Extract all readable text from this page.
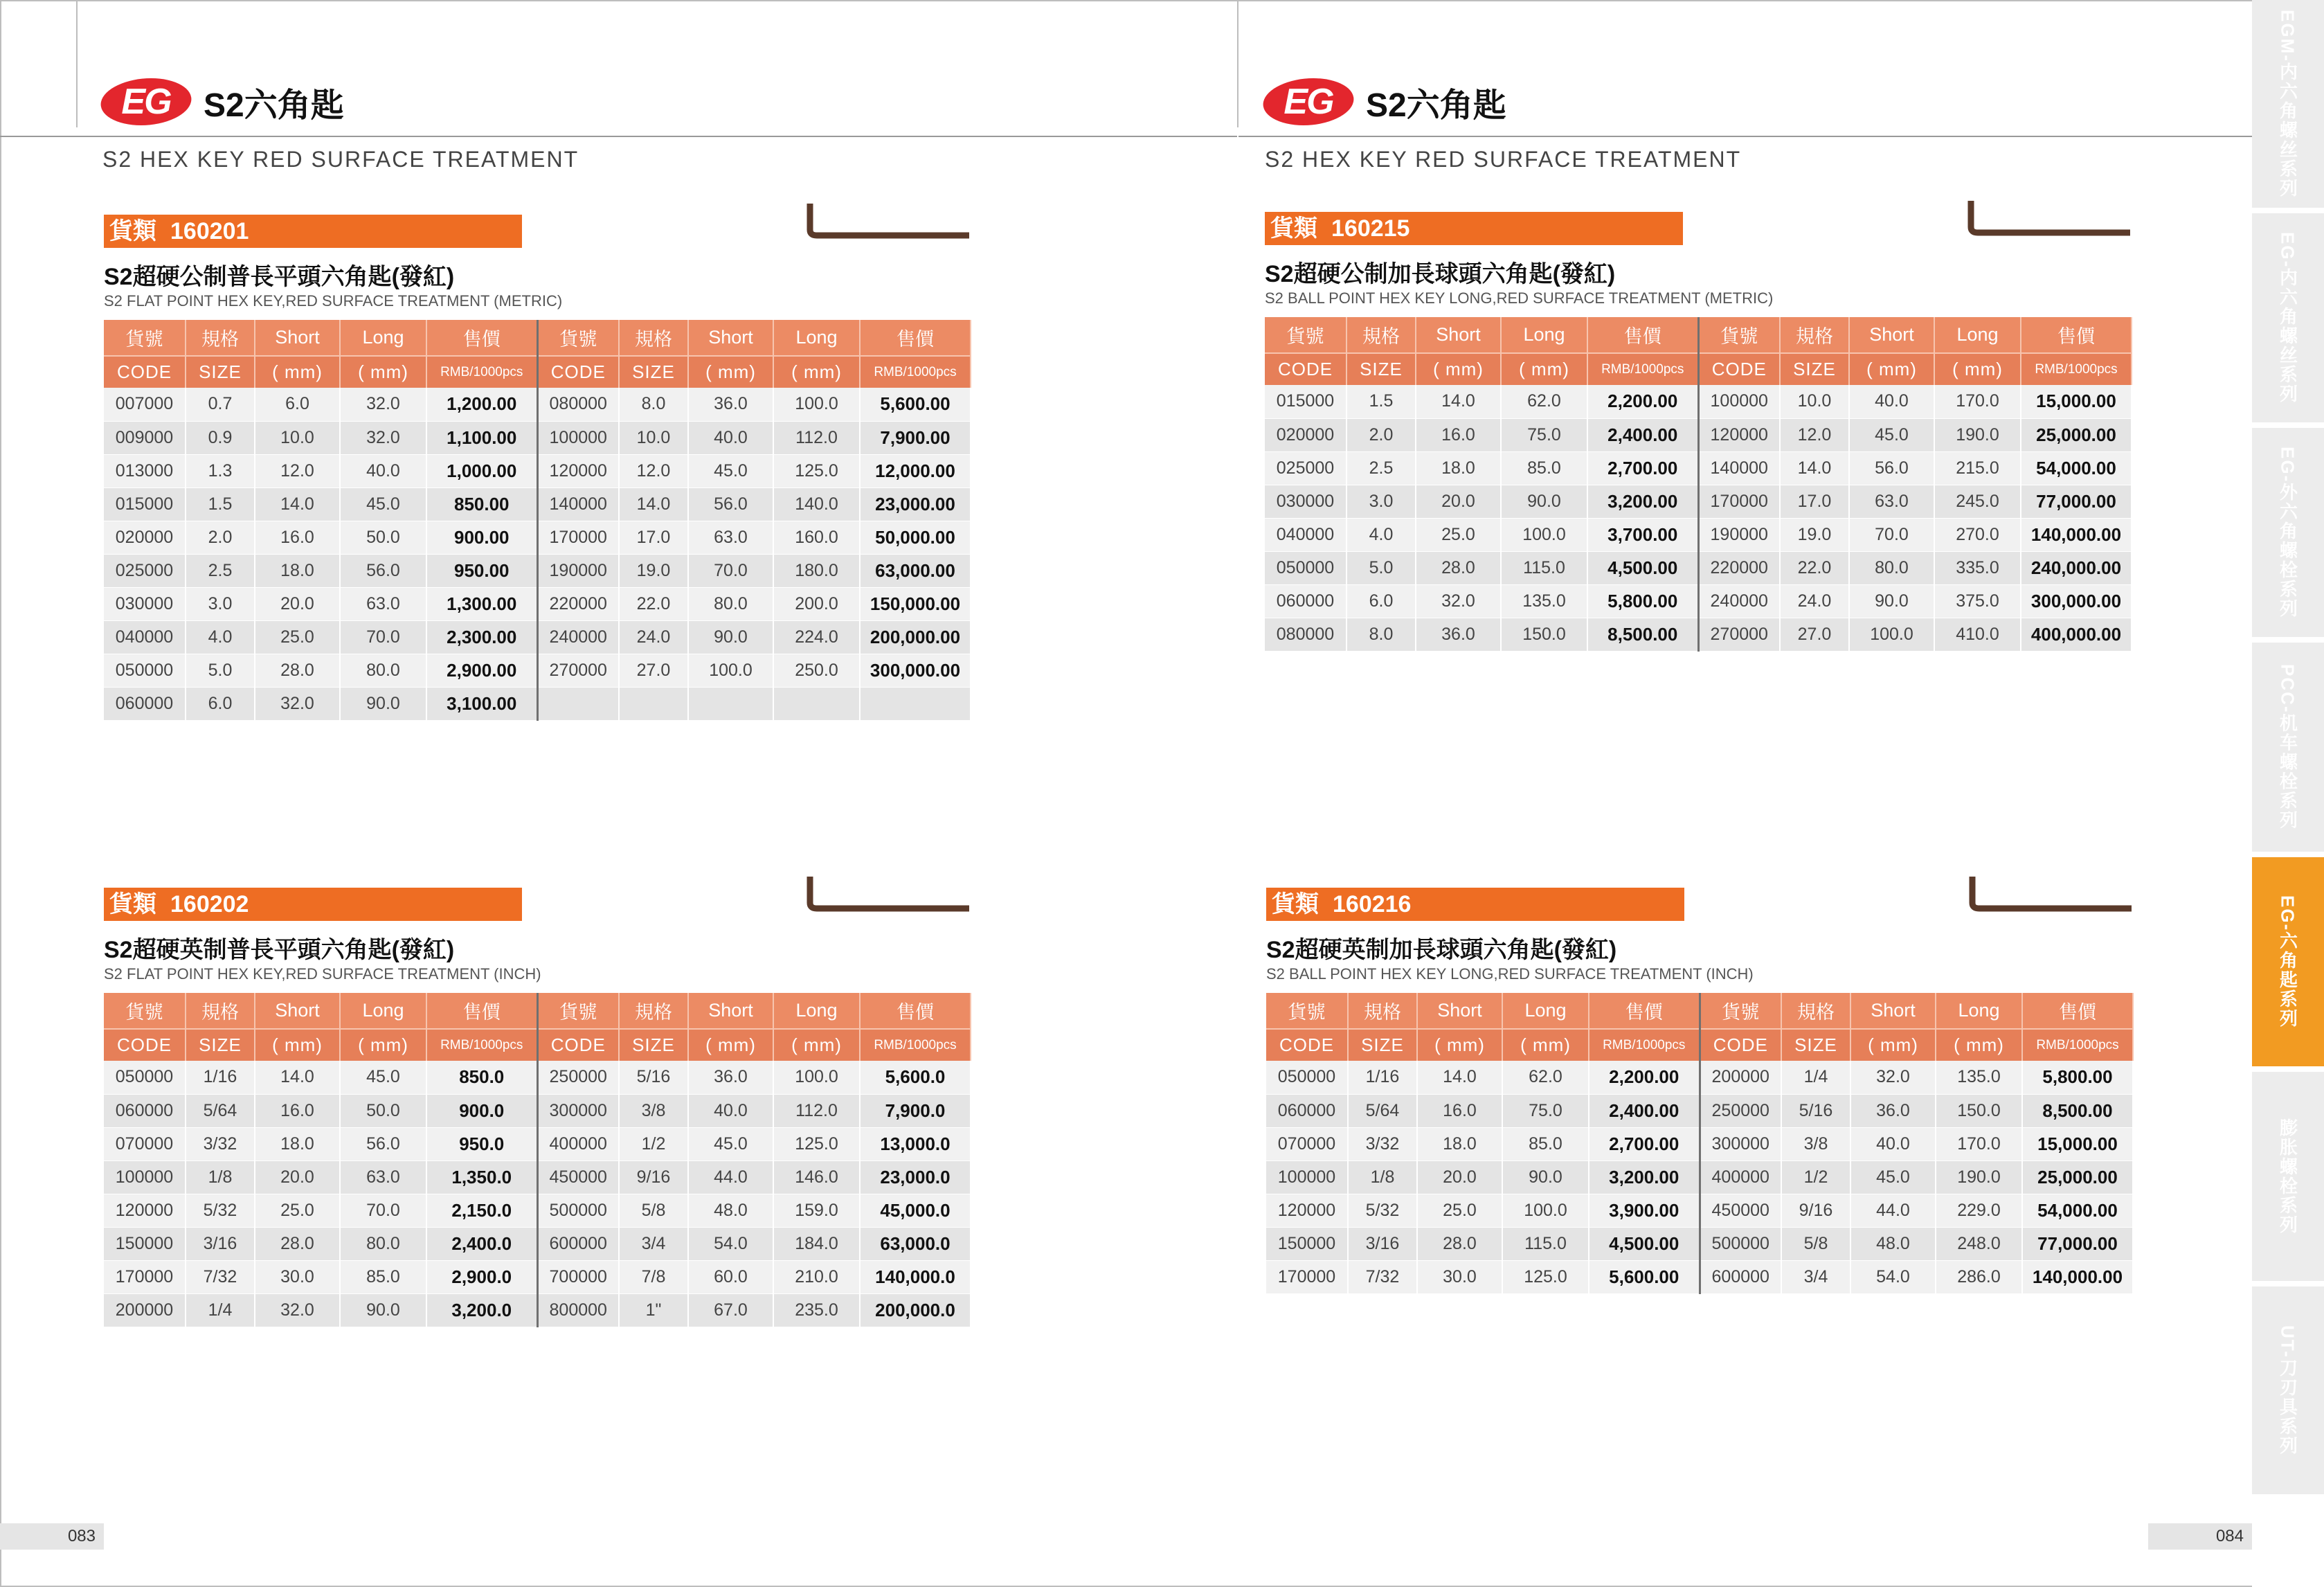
EG S2六角匙
S2 HEX KEY RED SURFACE TREATMENT
貨類 160201
S2超硬公制普長平頭六角匙(發紅)
S2 FLAT POINT HEX KEY,RED SURFACE TREATMENT (METRIC)
貨號	規格	Short	Long	售價	貨號	規格	Short	Long	售價
CODE	SIZE	( mm)	( mm)	RMB/1000pcs	CODE	SIZE	( mm)	( mm)	RMB/1000pcs
007000	0.7	6.0	32.0	1,200.00	080000	8.0	36.0	100.0	5,600.00
009000	0.9	10.0	32.0	1,100.00	100000	10.0	40.0	112.0	7,900.00
013000	1.3	12.0	40.0	1,000.00	120000	12.0	45.0	125.0	12,000.00
015000	1.5	14.0	45.0	850.00	140000	14.0	56.0	140.0	23,000.00
020000	2.0	16.0	50.0	900.00	170000	17.0	63.0	160.0	50,000.00
025000	2.5	18.0	56.0	950.00	190000	19.0	70.0	180.0	63,000.00
030000	3.0	20.0	63.0	1,300.00	220000	22.0	80.0	200.0	150,000.00
040000	4.0	25.0	70.0	2,300.00	240000	24.0	90.0	224.0	200,000.00
050000	5.0	28.0	80.0	2,900.00	270000	27.0	100.0	250.0	300,000.00
060000	6.0	32.0	90.0	3,100.00					
貨類 160202
S2超硬英制普長平頭六角匙(發紅)
S2 FLAT POINT HEX KEY,RED SURFACE TREATMENT (INCH)
貨號	規格	Short	Long	售價	貨號	規格	Short	Long	售價
CODE	SIZE	( mm)	( mm)	RMB/1000pcs	CODE	SIZE	( mm)	( mm)	RMB/1000pcs
050000	1/16	14.0	45.0	850.0	250000	5/16	36.0	100.0	5,600.0
060000	5/64	16.0	50.0	900.0	300000	3/8	40.0	112.0	7,900.0
070000	3/32	18.0	56.0	950.0	400000	1/2	45.0	125.0	13,000.0
100000	1/8	20.0	63.0	1,350.0	450000	9/16	44.0	146.0	23,000.0
120000	5/32	25.0	70.0	2,150.0	500000	5/8	48.0	159.0	45,000.0
150000	3/16	28.0	80.0	2,400.0	600000	3/4	54.0	184.0	63,000.0
170000	7/32	30.0	85.0	2,900.0	700000	7/8	60.0	210.0	140,000.0
200000	1/4	32.0	90.0	3,200.0	800000	1"	67.0	235.0	200,000.0
083
EG S2六角匙
S2 HEX KEY RED SURFACE TREATMENT
貨類 160215
S2超硬公制加長球頭六角匙(發紅)
S2 BALL POINT HEX KEY LONG,RED SURFACE TREATMENT (METRIC)
貨號	規格	Short	Long	售價	貨號	規格	Short	Long	售價
CODE	SIZE	( mm)	( mm)	RMB/1000pcs	CODE	SIZE	( mm)	( mm)	RMB/1000pcs
015000	1.5	14.0	62.0	2,200.00	100000	10.0	40.0	170.0	15,000.00
020000	2.0	16.0	75.0	2,400.00	120000	12.0	45.0	190.0	25,000.00
025000	2.5	18.0	85.0	2,700.00	140000	14.0	56.0	215.0	54,000.00
030000	3.0	20.0	90.0	3,200.00	170000	17.0	63.0	245.0	77,000.00
040000	4.0	25.0	100.0	3,700.00	190000	19.0	70.0	270.0	140,000.00
050000	5.0	28.0	115.0	4,500.00	220000	22.0	80.0	335.0	240,000.00
060000	6.0	32.0	135.0	5,800.00	240000	24.0	90.0	375.0	300,000.00
080000	8.0	36.0	150.0	8,500.00	270000	27.0	100.0	410.0	400,000.00
貨類 160216
S2超硬英制加長球頭六角匙(發紅)
S2 BALL POINT HEX KEY LONG,RED SURFACE TREATMENT (INCH)
貨號	規格	Short	Long	售價	貨號	規格	Short	Long	售價
CODE	SIZE	( mm)	( mm)	RMB/1000pcs	CODE	SIZE	( mm)	( mm)	RMB/1000pcs
050000	1/16	14.0	62.0	2,200.00	200000	1/4	32.0	135.0	5,800.00
060000	5/64	16.0	75.0	2,400.00	250000	5/16	36.0	150.0	8,500.00
070000	3/32	18.0	85.0	2,700.00	300000	3/8	40.0	170.0	15,000.00
100000	1/8	20.0	90.0	3,200.00	400000	1/2	45.0	190.0	25,000.00
120000	5/32	25.0	100.0	3,900.00	450000	9/16	44.0	229.0	54,000.00
150000	3/16	28.0	115.0	4,500.00	500000	5/8	48.0	248.0	77,000.00
170000	7/32	30.0	125.0	5,600.00	600000	3/4	54.0	286.0	140,000.00
084
EGM-内六角螺丝系列
EG-内六角螺丝系列
EG-外六角螺栓系列
PCC-机车螺栓系列
EG-六角匙系列
膨胀螺栓系列
UT-刀刃具系列
